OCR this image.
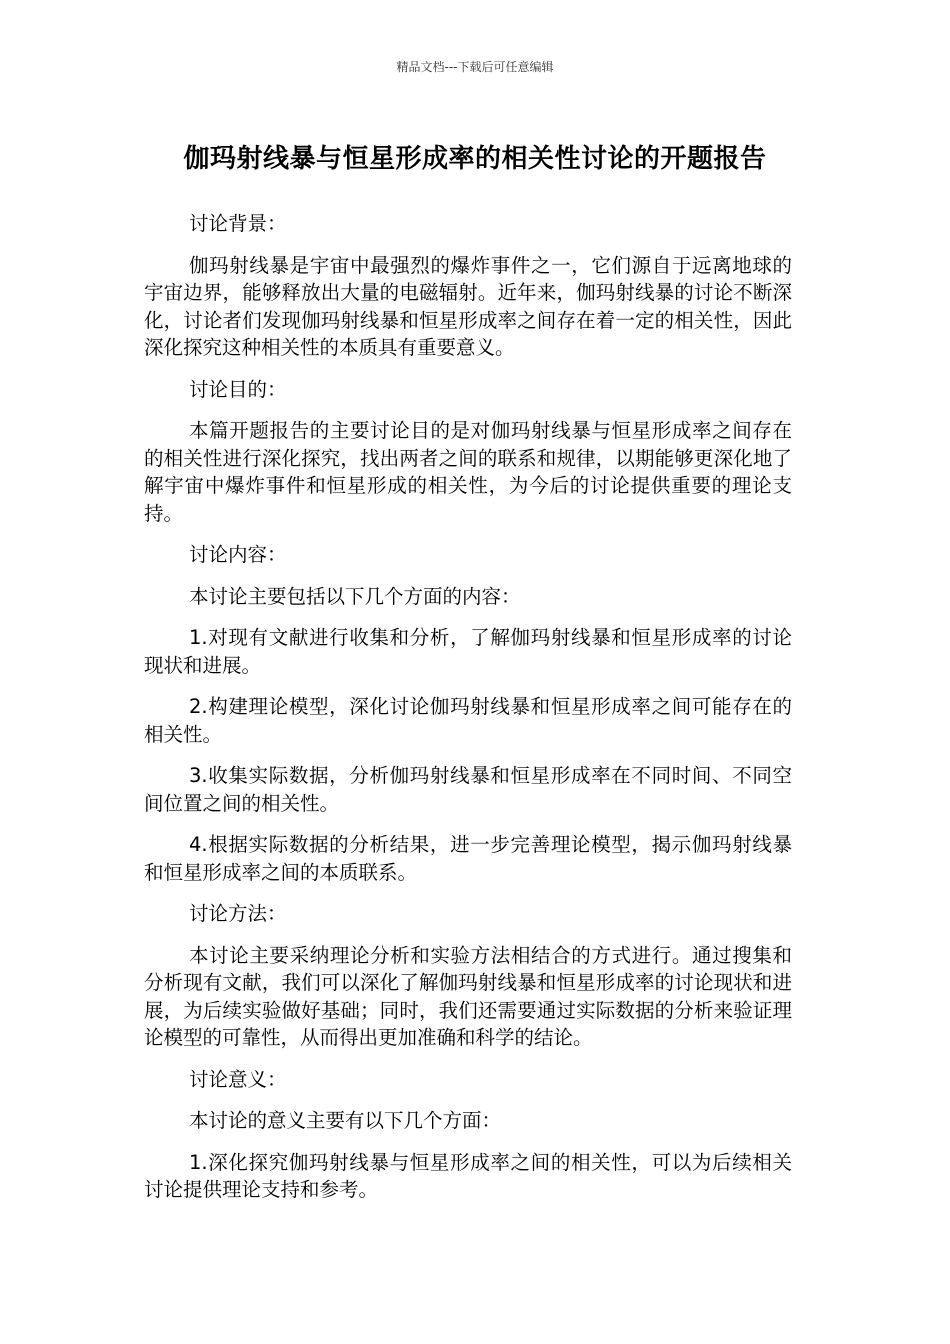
精品文档---下载后可任意编辑
伽玛射线暴与恒星形成率的相关性讨论的开题报告

讨论背景：

伽玛射线暴是宇宙中最强烈的爆炸事件之一，它们源自于远离地球的宇宙边界，能够释放出大量的电磁辐射。近年来，伽玛射线暴的讨论不断深化，讨论者们发现伽玛射线暴和恒星形成率之间存在着一定的相关性，因此深化探究这种相关性的本质具有重要意义。

讨论目的：

本篇开题报告的主要讨论目的是对伽玛射线暴与恒星形成率之间存在的相关性进行深化探究，找出两者之间的联系和规律，以期能够更深化地了解宇宙中爆炸事件和恒星形成的相关性，为今后的讨论提供重要的理论支持。

讨论内容：

本讨论主要包括以下几个方面的内容：

1.对现有文献进行收集和分析，了解伽玛射线暴和恒星形成率的讨论现状和进展。

2.构建理论模型，深化讨论伽玛射线暴和恒星形成率之间可能存在的相关性。

3.收集实际数据，分析伽玛射线暴和恒星形成率在不同时间、不同空间位置之间的相关性。

4.根据实际数据的分析结果，进一步完善理论模型，揭示伽玛射线暴和恒星形成率之间的本质联系。

讨论方法：

本讨论主要采纳理论分析和实验方法相结合的方式进行。通过搜集和分析现有文献，我们可以深化了解伽玛射线暴和恒星形成率的讨论现状和进展，为后续实验做好基础；同时，我们还需要通过实际数据的分析来验证理论模型的可靠性，从而得出更加准确和科学的结论。

讨论意义：

本讨论的意义主要有以下几个方面：

1.深化探究伽玛射线暴与恒星形成率之间的相关性，可以为后续相关讨论提供理论支持和参考。
